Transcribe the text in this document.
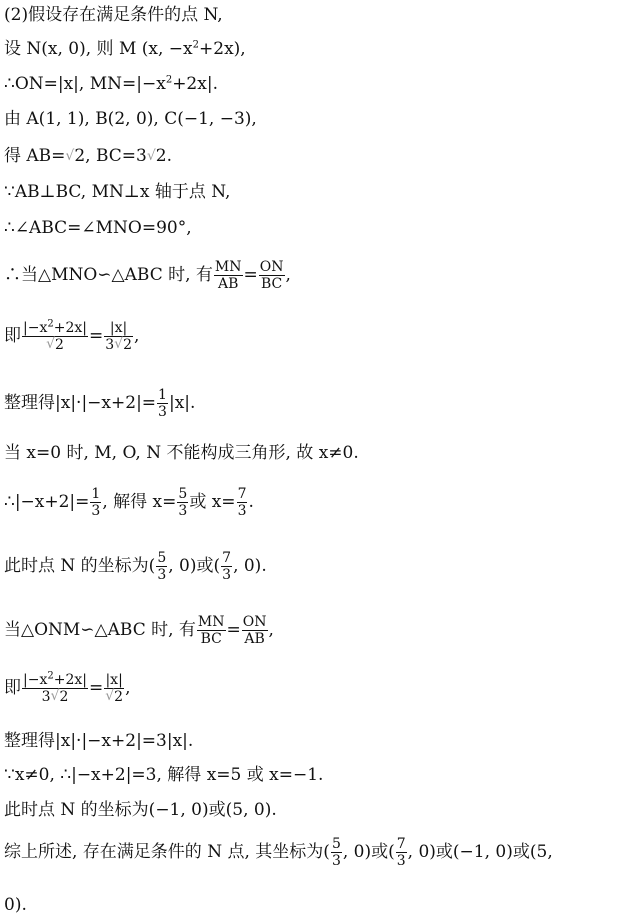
(2)假设存在满足条件的点 N,
设 N(x, 0), 则 M (x, $-x^2+2x$),
∴ON=|x|, $MN=|-x^2+2x|$.
由 A(1, 1), B(2, 0), C(−1, −3),
得 AB=√2, BC=3√2.
∵AB⊥BC, MN⊥x 轴于点 N,
∴∠ABC=∠MNO=90°,
∴当△MNO∽△ABC 时, 有 $\frac{MN}{AB} = \frac{ON}{BC}$ ,
即 $\frac{|-x^2+2x|}{√2} = \frac{|x|}{3√2}$ ,
整理得$|x|\cdot|-x+2|= \frac{1}{3} |x|$.
当 x=0 时, M, O, N 不能构成三角形, 故 x≠0.
∴|−x+2|= $\frac{1}{3}$ , 解得 $x= \frac{5}{3}$ 或 $x= \frac{7}{3}$ .
此时点 N 的坐标为( $\frac{5}{3}$ , 0)或( $\frac{7}{3}$ , 0).
当△ONM∽△ABC 时, 有 $\frac{MN}{BC} = \frac{ON}{AB}$ ,
即 $\frac{|-x^2+2x|}{3√2} = \frac{|x|}{√2}$ ,
整理得|x|·|−x+2|=3|x|.
∵x≠0, ∴|−x+2|=3, 解得 x=5 或 x=−1.
此时点 N 的坐标为(−1, 0)或(5, 0).
综上所述, 存在满足条件的 N 点, 其坐标为( $\frac{5}{3}$ , 0)或( $\frac{7}{3}$ , 0)或(−1, 0)或(5,
0).
